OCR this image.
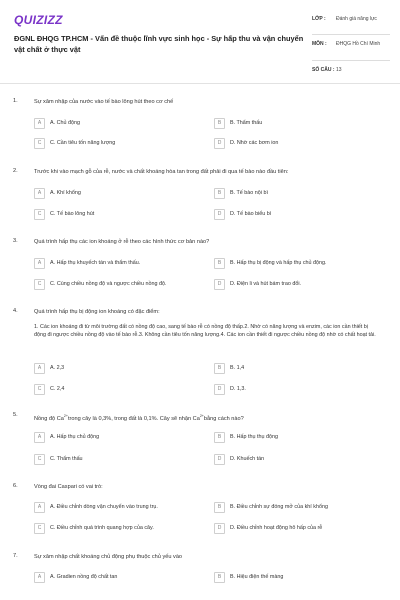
QUIZIZZ
ĐGNL ĐHQG TP.HCM - Vấn đề thuộc lĩnh vực sinh học - Sự hấp thu và vận chuyển vật chất ở thực vật
LỚP : Đánh giá năng lực
MÔN : ĐHQG Hồ Chí Minh
SỐ CÂU : 13
1.	Sự xâm nhập của nước vào tế bào lông hút theo cơ chế
A	A. Chủ động	B	B. Thẩm thấu
C	C. Cần tiêu tốn năng lượng	D	D. Nhờ các bơm ion
2.	Trước khi vào mạch gỗ của rễ, nước và chất khoáng hòa tan trong đất phải đi qua tế bào nào đầu tiên:
A	A. Khí khổng	B	B. Tế bào nội bì
C	C. Tế bào lông hút	D	D. Tế bào biểu bì
3.	Quá trình hấp thụ các ion khoáng ở rễ theo các hình thức cơ bản nào?
A	A. Hấp thụ khuyếch tán và thẩm thấu.	B	B. Hấp thụ bị động và hấp thụ chủ động.
C	C. Cùng chiều nồng độ và ngược chiều nồng độ.	D	D. Điện li và hút bám trao đổi.
4.	Quá trình hấp thụ bị động ion khoáng có đặc điểm:
1. Các ion khoáng đi từ môi trường đất có nồng độ cao, sang tế bào rễ có nồng độ thấp.2. Nhờ có năng lượng và enzim, các ion cần thiết bị động đi ngược chiều nồng độ vào tế bào rễ.3. Không cần tiêu tốn năng lượng.4. Các ion cần thiết đi ngược chiều nồng độ nhờ có chất hoạt tải.
A	A. 2,3	B	B. 1,4
C	C. 2,4	D	D. 1,3.
5.
Nồng độ $Ca^{2+}trong$ cây là 0,3%, trong đất là 0,1%. Cây sẽ nhận $Ca^{2+}bằng$ cách nào?
A	A. Hấp thụ chủ động	B	B. Hấp thụ thụ động
C	C. Thẩm thấu	D	D. Khuếch tán
6.	Vòng đai Caspari có vai trò:
A	A. Điều chỉnh dòng vận chuyển vào trung trụ.	B	B. Điều chỉnh sự đóng mở của khí khổng
C	C. Điều chỉnh quá trình quang hợp của cây.	D	D. Điều chỉnh hoạt động hô hấp của rễ
7.	Sự xâm nhập chất khoáng chủ động phụ thuộc chủ yếu vào
A	A. Gradien nồng độ chất tan	B	B. Hiệu điện thế màng
